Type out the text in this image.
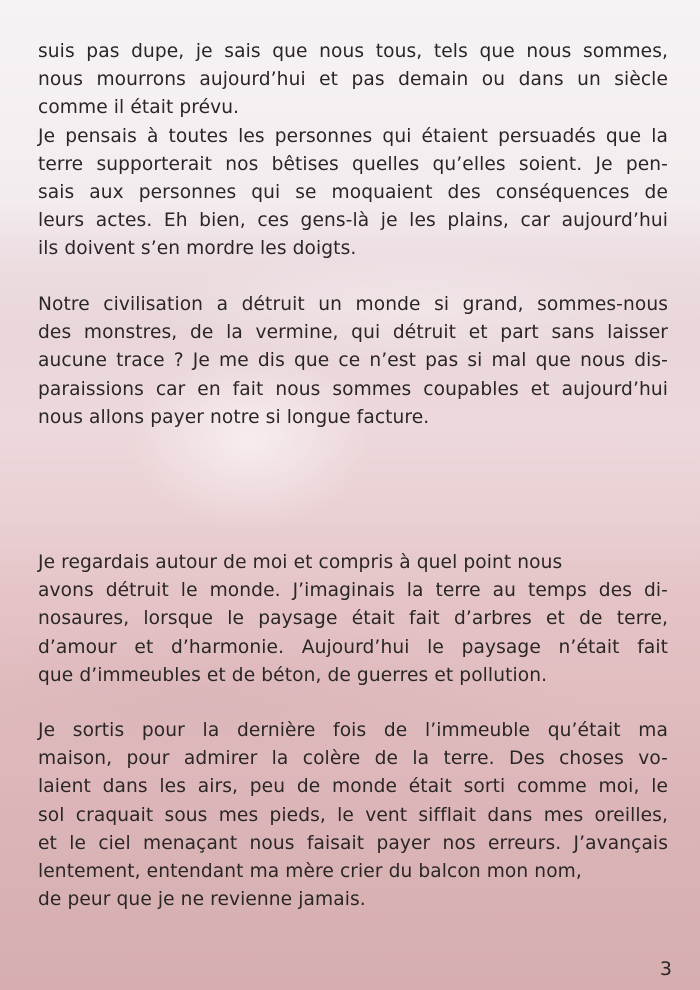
suis pas dupe, je sais que nous tous, tels que nous sommes,
nous mourrons aujourd’hui et pas demain ou dans un siècle
comme il était prévu.
Je pensais à toutes les personnes qui étaient persuadés que la
terre supporterait nos bêtises quelles qu’elles soient. Je pen-
sais aux personnes qui se moquaient des conséquences de
leurs actes. Eh bien, ces gens-là je les plains, car aujourd’hui
ils doivent s’en mordre les doigts.
Notre civilisation a détruit un monde si grand, sommes-nous
des monstres, de la vermine, qui détruit et part sans laisser
aucune trace ? Je me dis que ce n’est pas si mal que nous dis-
paraissions car en fait nous sommes coupables et aujourd’hui
nous allons payer notre si longue facture.
Je regardais autour de moi et compris à quel point nous
avons détruit le monde. J’imaginais la terre au temps des di-
nosaures, lorsque le paysage était fait d’arbres et de terre,
d’amour et d’harmonie. Aujourd’hui le paysage n’était fait
que d’immeubles et de béton, de guerres et pollution.
Je sortis pour la dernière fois de l’immeuble qu’était ma
maison, pour admirer la colère de la terre. Des choses vo-
laient dans les airs, peu de monde était sorti comme moi, le
sol craquait sous mes pieds, le vent sifflait dans mes oreilles,
et le ciel menaçant nous faisait payer nos erreurs. J’avançais
lentement, entendant ma mère crier du balcon mon nom,
de peur que je ne revienne jamais.
3
